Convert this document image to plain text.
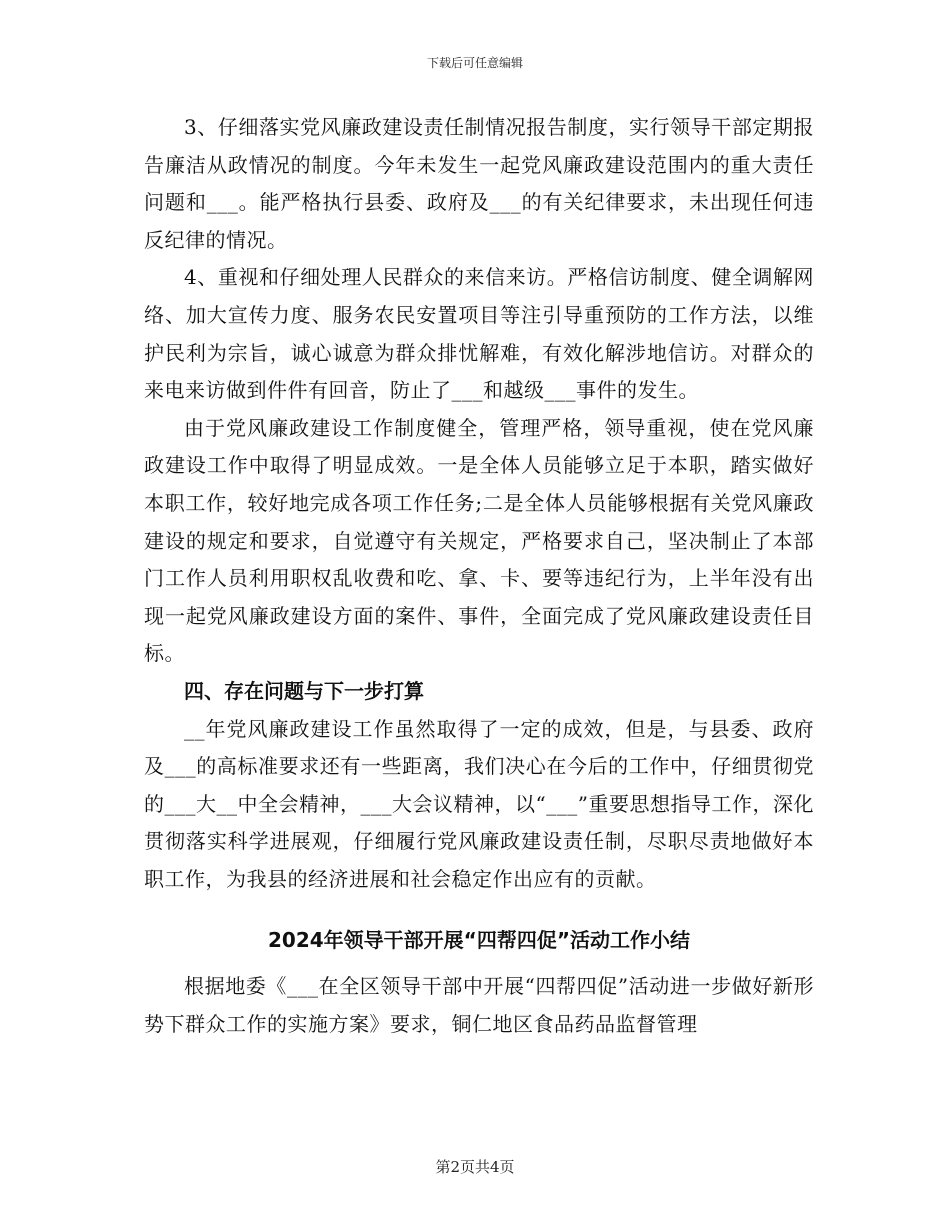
下载后可任意编辑

3、仔细落实党风廉政建设责任制情况报告制度，实行领导干部定期报告廉洁从政情况的制度。今年未发生一起党风廉政建设范围内的重大责任问题和___。能严格执行县委、政府及___的有关纪律要求，未出现任何违反纪律的情况。

4、重视和仔细处理人民群众的来信来访。严格信访制度、健全调解网络、加大宣传力度、服务农民安置项目等注引导重预防的工作方法，以维护民利为宗旨，诚心诚意为群众排忧解难，有效化解涉地信访。对群众的来电来访做到件件有回音，防止了___和越级___事件的发生。

由于党风廉政建设工作制度健全，管理严格，领导重视，使在党风廉政建设工作中取得了明显成效。一是全体人员能够立足于本职，踏实做好本职工作，较好地完成各项工作任务;二是全体人员能够根据有关党风廉政建设的规定和要求，自觉遵守有关规定，严格要求自己，坚决制止了本部门工作人员利用职权乱收费和吃、拿、卡、要等违纪行为，上半年没有出现一起党风廉政建设方面的案件、事件，全面完成了党风廉政建设责任目标。

四、存在问题与下一步打算

__年党风廉政建设工作虽然取得了一定的成效，但是，与县委、政府及___的高标准要求还有一些距离，我们决心在今后的工作中，仔细贯彻党的___大__中全会精神，___大会议精神，以“___”重要思想指导工作，深化贯彻落实科学进展观，仔细履行党风廉政建设责任制，尽职尽责地做好本职工作，为我县的经济进展和社会稳定作出应有的贡献。

2024年领导干部开展“四帮四促”活动工作小结

根据地委《___在全区领导干部中开展“四帮四促”活动进一步做好新形势下群众工作的实施方案》要求，铜仁地区食品药品监督管理

第2页共4页
